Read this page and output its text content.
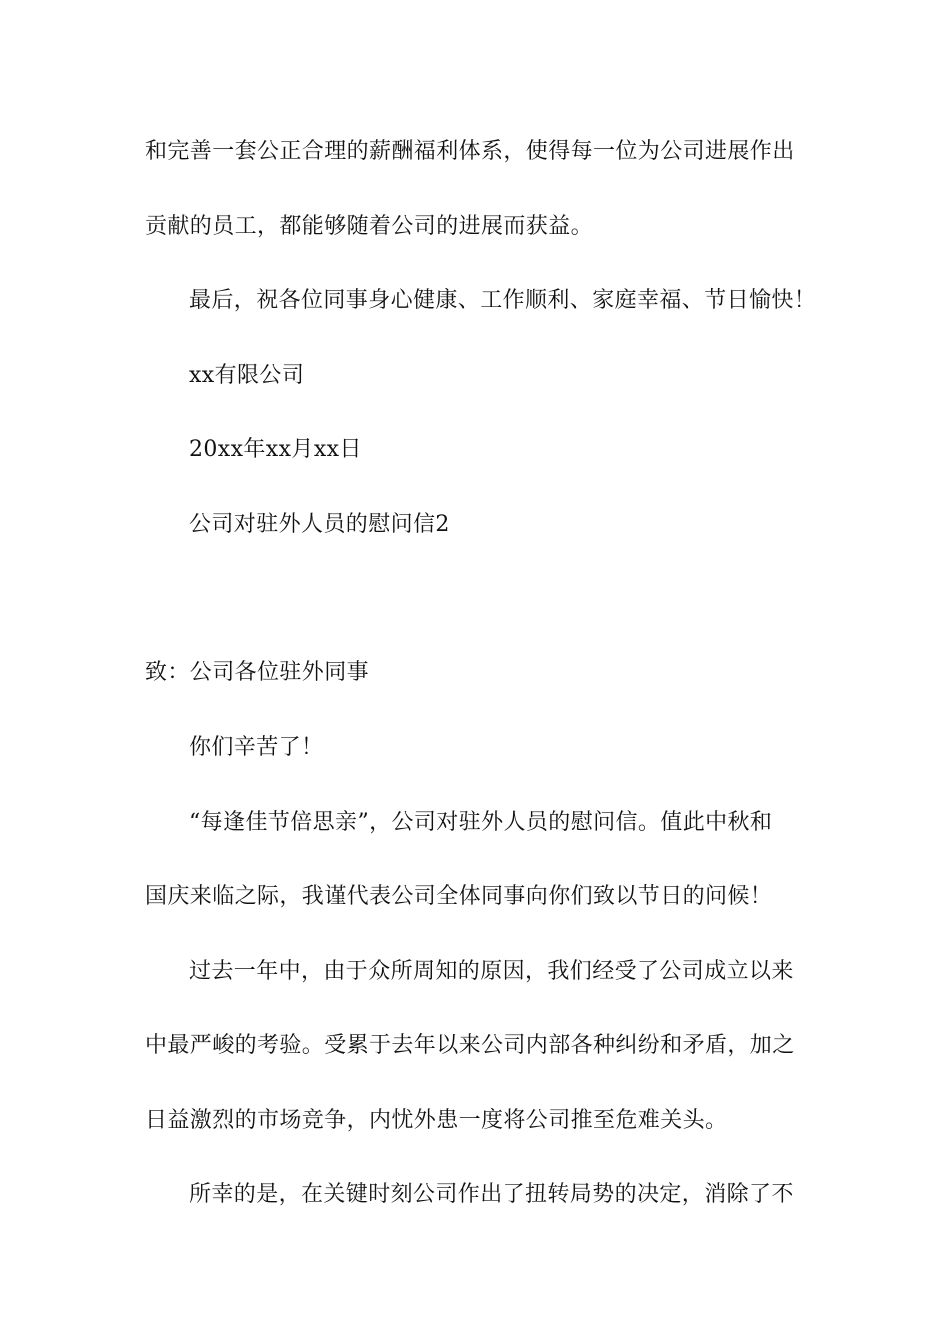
和完善一套公正合理的薪酬福利体系，使得每一位为公司进展作出
贡献的员工，都能够随着公司的进展而获益。
最后，祝各位同事身心健康、工作顺利、家庭幸福、节日愉快！
xx有限公司
20xx年xx月xx日
公司对驻外人员的慰问信2
致：公司各位驻外同事
你们辛苦了！
“每逢佳节倍思亲”，公司对驻外人员的慰问信。值此中秋和
国庆来临之际，我谨代表公司全体同事向你们致以节日的问候！
过去一年中，由于众所周知的原因，我们经受了公司成立以来
中最严峻的考验。受累于去年以来公司内部各种纠纷和矛盾，加之
日益激烈的市场竞争，内忧外患一度将公司推至危难关头。
所幸的是，在关键时刻公司作出了扭转局势的决定，消除了不
